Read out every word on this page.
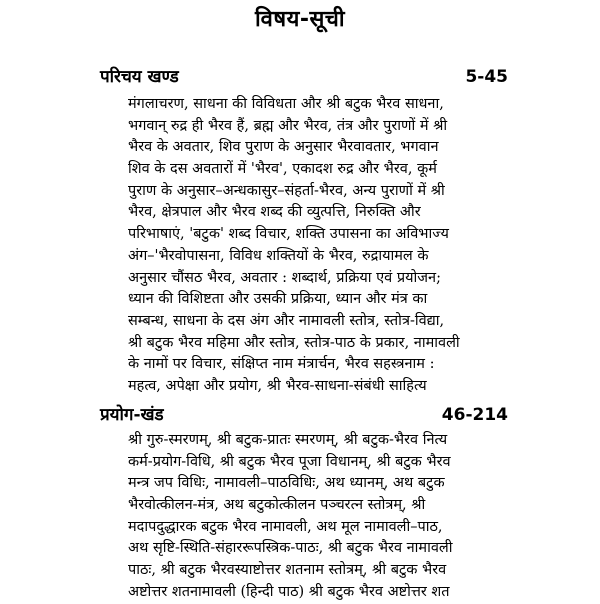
विषय-सूची
परिचय खण्ड	5-45
मंगलाचरण, साधना की विविधता और श्री बटुक भैरव साधना,
भगवान् रुद्र ही भैरव हैं, ब्रह्म और भैरव, तंत्र और पुराणों में श्री
भैरव के अवतार, शिव पुराण के अनुसार भैरवावतार, भगवान
शिव के दस अवतारों में 'भैरव', एकादश रुद्र और भैरव, कूर्म
पुराण के अनुसार–अन्धकासुर–संहर्ता-भैरव, अन्य पुराणों में श्री
भैरव, क्षेत्रपाल और भैरव शब्द की व्युत्पत्ति, निरुक्ति और
परिभाषाएं, 'बटुक' शब्द विचार, शक्ति उपासना का अविभाज्य
अंग–'भैरवोपासना, विविध शक्तियों के भैरव, रुद्रायामल के
अनुसार चौंसठ भैरव, अवतार : शब्दार्थ, प्रक्रिया एवं प्रयोजन;
ध्यान की विशिष्टता और उसकी प्रक्रिया, ध्यान और मंत्र का
सम्बन्ध, साधना के दस अंग और नामावली स्तोत्र, स्तोत्र-विद्या,
श्री बटुक भैरव महिमा और स्तोत्र, स्तोत्र-पाठ के प्रकार, नामावली
के नामों पर विचार, संक्षिप्त नाम मंत्रार्चन, भैरव सहस्त्रनाम :
महत्व, अपेक्षा और प्रयोग, श्री भैरव-साधना-संबंधी साहित्य
प्रयोग-खंड	46-214
श्री गुरु-स्मरणम्, श्री बटुक-प्रातः स्मरणम्, श्री बटुक-भैरव नित्य
कर्म-प्रयोग-विधि, श्री बटुक भैरव पूजा विधानम्, श्री बटुक भैरव
मन्त्र जप विधिः, नामावली–पाठविधिः, अथ ध्यानम्, अथ बटुक
भैरवोत्कीलन-मंत्र, अथ बटुकोत्कीलन पञ्चरत्न स्तोत्रम्, श्री
मदापदुद्धारक बटुक भैरव नामावली, अथ मूल नामावली–पाठ,
अथ सृष्टि-स्थिति-संहाररूपस्त्रिक-पाठः, श्री बटुक भैरव नामावली
पाठः, श्री बटुक भैरवस्याष्टोत्तर शतनाम स्तोत्रम्, श्री बटुक भैरव
अष्टोत्तर शतनामावली (हिन्दी पाठ) श्री बटुक भैरव अष्टोत्तर शत
